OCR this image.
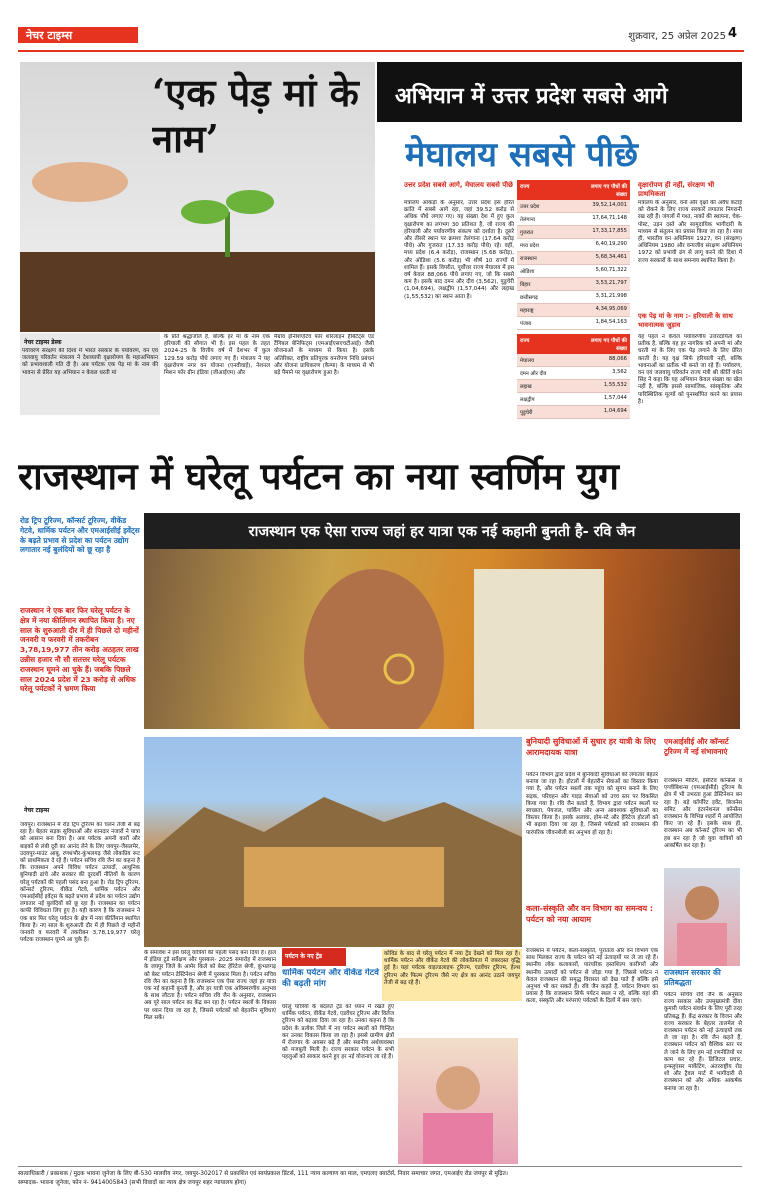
नेचर टाइम्स	शुक्रवार, 25 अप्रेल 2025 4
‘एक पेड़ मां के नाम’
अभियान में उत्तर प्रदेश सबसे आगे
मेघालय सबसे पीछे
नेचर टाइम्स डेस्क
पर्यावरण संरक्षण की दिशा में भारत सरकार के पर्यावरण, वन एवं जलवायु परिवर्तन मंत्रालय ने देशव्यापी वृक्षारोपण के महाअभियान को प्रभावशाली गति दी है। अब पर्यटक एक पेड़ मां के नाम की भावना से प्रेरित यह अभियान न केवल धरती मां
के प्रति श्रद्धांजलि है, बल्कि हर मां के नाम एक हरियाली की सौगात भी है। इस पहल के तहत 2024-25 के वित्तीय वर्ष में देशभर में कुल 129.59 करोड़ पौधे लगाए गए हैं। मंत्रालय ने यह वृक्षारोपण नगर वन योजना (एनवीवाई), नेशनल मिशन फॉर ग्रीन इंडिया (जीआईएम) और
मैंग्रोव इनिशिएटिव फॉर शोरलाइन हैबिटैट्स एंड टैंगिबल बेनिफिट्स (एमआईएसएचटीआई) जैसी योजनाओं के माध्यम से किया है। इसके अतिरिक्त, राष्ट्रीय प्रतिपूरक वनरोपण निधि प्रबंधन और योजना प्राधिकरण (कैम्पा) के माध्यम से भी बड़े पैमाने पर वृक्षारोपण हुआ है।
उत्तर प्रदेश सबसे आगे, मेघालय सबसे पीछे
मंत्रालय आंकड़ों के अनुसार, उत्तर प्रदेश इस हरित क्रांति में सबसे आगे रहा, जहां 39.52 करोड़ से अधिक पौधे लगाए गए। यह संख्या देश में हुए कुल वृक्षारोपण का लगभग 30 प्रतिशत है, जो राज्य की हरियाली और पर्यावरणीय संकल्प को दर्शाता है। दूसरे और तीसरे स्थान पर क्रमशः तेलंगाना (17.64 करोड़ पौधे) और गुजरात (17.33 करोड़ पौधे) रहे। वहीं, मध्य प्रदेश (6.4 करोड़), राजस्थान (5.68 करोड़), और ओडिशा (5.6 करोड़) भी शीर्ष 10 राज्यों में शामिल हैं। इसके विपरीत, पूर्वोत्तर राज्य मेघालय में इस वर्ष केवल 88,066 पौधे लगाए गए, जो कि सबसे कम है। इसके बाद दमन और दीव (3,562), पुडुचेरी (1,04,694), लक्षद्वीप (1,57,044) और लद्दाख (1,55,532) का स्थान आता है।
राज्य	लगाए गए पौधों की संख्या
उत्तर प्रदेश	39,52,14,001
तेलंगाना	17,64,71,148
गुजरात	17,33,17,855
मध्य प्रदेश	6,40,19,290
राजस्थान	5,68,34,461
ओडिशा	5,60,71,322
बिहार	3,53,21,797
छत्तीसगढ़	3,31,21,998
महाराष्ट्र	4,34,95,069
पंजाब	1,84,54,163
राज्य	लगाए गए पौधों की संख्या
मेघालय	88,066
दमन और दीव	3,562
लद्दाख	1,55,532
लक्षद्वीप	1,57,044
पुडुचेरी	1,04,694
वृक्षारोपण ही नहीं, संरक्षण भी प्राथमिकता
मंत्रालय के अनुसार, वनों और वृक्षों की अवैध कटाई को रोकने के लिए राज्य सरकारें लगातार निगरानी रख रही हैं। जंगलों में गश्त, नाकों की स्थापना, चेक-पोस्ट, उड़न दस्ते और सामुदायिक भागीदारी के माध्यम से संतुलन का प्रयास किया जा रहा है। साथ ही, भारतीय वन अधिनियम 1927, वन (संरक्षण) अधिनियम 1980 और वन्यजीव संरक्षण अधिनियम 1972 को प्रभावी ढंग से लागू करने की दिशा में राज्य सरकारों के साथ समन्वय स्थापित किया है।
एक पेड़ मां के नाम :- हरियाली के साथ भावनात्मक जुड़ाव
यह पहल न केवल पर्यावरणीय उत्तरदायित्व का प्रतीक है, बल्कि यह हर नागरिक को अपनी मां और धरती मां के लिए एक पेड़ लगाने के लिए प्रेरित करती है। यह वृक्ष सिर्फ हरियाली नहीं, बल्कि भावनाओं का प्रतीक भी बनते जा रहे हैं। पर्यावरण, वन एवं जलवायु परिवर्तन राज्य मंत्री श्री कीर्ति वर्धन सिंह ने कहा कि यह अभियान केवल संख्या का खेल नहीं है, बल्कि इससे सामाजिक, सांस्कृतिक और पारिस्थितिक मूल्यों को पुनर्स्थापित करने का प्रयास है।
राजस्थान में घरेलू पर्यटन का नया स्वर्णिम युग
राजस्थान एक ऐसा राज्य जहां हर यात्रा एक नई कहानी बुनती है- रवि जैन
रोड ट्रिप टूरिज्म, कॉन्सर्ट टूरिज्म, वीकेंड गेटवे, धार्मिक पर्यटन और एमआईसीई इवेंट्स के बढ़ते प्रभाव से प्रदेश का पर्यटन उद्योग लगातार नई बुलंदियों को छू रहा है
राजस्थान ने एक बार फिर घरेलू पर्यटन के क्षेत्र में नया कीर्तिमान स्थापित किया है। नए साल के शुरुआती दौर में ही पिछले दो महीनों जनवरी व फरवरी में तकरीबन 3,78,19,977 तीन करोड़ अठहतर लाख उन्नीस हजार नौ सौ सतत्तर घरेलू पर्यटक राजस्थान घूमने आ चुके हैं। जबकि पिछले साल 2024 प्रदेश में 23 करोड़ से अधिक घरेलू पर्यटकों ने भ्रमण किया
नेचर टाइम्स
जयपुर। राजस्थान में रोड ट्रिप टूरिज्म का चलन तेजी से बढ़ रहा है। बेहतर सड़क सुविधाओं और शानदार नजारों ने यात्रा को आसान बना दिया है। अब पर्यटक अपनी कारों और बाइकों से लंबी दूरी का आनंद लेने के लिए जयपुर-जैसलमेर, उदयपुर-माउंट आबू, रणथंभौर-कुंभलगढ़ जैसे लोकप्रिय रूट को प्राथमिकता दे रहे हैं। पर्यटन सचिव रवि जैन का कहना है कि राजस्थान अपने विविध पर्यटन उत्पादों, आधुनिक बुनियादी ढांचे और सरकार की दूरदर्शी नीतियों के कारण घरेलू पर्यटकों की पहली पसंद बना हुआ है। रोड ट्रिप टूरिज्म, कॉन्सर्ट टूरिज्म, वीकेंड गेटवे, धार्मिक पर्यटन और एमआईसीई इवेंट्स के बढ़ते प्रभाव से प्रदेश का पर्यटन उद्योग लगातार नई बुलंदियों को छू रहा है। राजस्थान का पर्यटन काफी विविधता लिए हुए है। यही कारण है कि राजस्थान ने एक बार फिर घरेलू पर्यटन के क्षेत्र में नया कीर्तिमान स्थापित किया है। नए साल के शुरुआती दौर में ही पिछले दो महीनों जनवरी व फरवरी में तकरीबन 3,78,19,977 घरेलू पर्यटक राजस्थान घूमने आ चुके हैं।
के समावेश ने इसे घरेलू यात्रियों की पहली पसंद बना दिया है। हाल में इंडिया टुडे सर्वेक्षण और पुरस्कार- 2025 समारोह में राजस्थान के जयपुर जिले के आमेर किले को बेस्ट हेरिटेज श्रेणी, कुंभलगढ़ को बेस्ट पर्यटन डेस्टिनेशन श्रेणी में पुरस्कार मिला है। पर्यटन सचिव रवि जैन का कहना है कि राजस्थान एक ऐसा राज्य जहां हर यात्रा एक नई कहानी बुनती है, और हर यात्री एक अविस्मरणीय अनुभव के साथ लौटता है। पर्यटन सचिव रवि जैन के अनुसार, राजस्थान अब पूरे साल पर्यटन का केंद्र बन रहा है। पर्यटन स्थलों के विकास पर ध्यान दिया जा रहा है, जिससे पर्यटकों को बेहतरीन सुविधाएं मिल सकें।
पर्यटन के नए ट्रेंड
धार्मिक पर्यटन और वीकेंड गेटवे की बढ़ती मांग
कोविड के बाद से घरेलू पर्यटन में नया ट्रेंड देखने को मिल रहा है। धार्मिक पर्यटन और वीकेंड गेटवे की लोकप्रियता में जबरदस्त वृद्धि हुई है। यहां पर्यटक वाइल्डलाइफ टूरिज्म, एडवेंचर टूरिज्म, हेल्थ टूरिज्म और फिल्म टूरिज्म जैसे नए क्षेत्र का आनंद उठाने जयपुर तेजी से बढ़ रहे हैं।
घरेलू यात्रियों के बदलते ट्रेंड को ध्यान में रखते हुए धार्मिक पर्यटन, वीकेंड गेटवे, एडवेंचर टूरिज्म और विलेज टूरिज्म को बढ़ावा दिया जा रहा है। उनका कहना है कि प्रदेश के प्रत्येक जिले में नए पर्यटन स्थलों को चिन्हित कर उनका विकास किया जा रहा है। इससे ग्रामीण क्षेत्रों में रोजगार के अवसर बढ़े हैं और स्थानीय अर्थव्यवस्था को मजबूती मिली है। राज्य सरकार पर्यटन के सभी पहलुओं को साकार करने हुए हर नई योजनाएं ला रहे हैं।
बुनियादी सुविधाओं में सुधार हर यात्री के लिए आरामदायक यात्रा
पर्यटन विभाग द्वारा प्रदेश में बुनियादी सुविधाओं को लगातार बेहतर बनाया जा रहा है। होटलों में बेहतरीन सेवाओं का विस्तार किया गया है, और पर्यटन स्थलों तक पहुंच को सुगम बनाने के लिए सड़क, परिवहन और गाइड सेवाओं को उच्च स्तर पर विकसित किया गया है। रवि जैन बताते हैं, विभाग द्वारा पर्यटन स्थलों पर स्वच्छता, पेयजल, पार्किंग और अन्य आवश्यक सुविधाओं का विस्तार किया है। इसके अलावा, होम-स्टे और हेरिटेज होटलों को भी बढ़ावा दिया जा रहा है, जिससे पर्यटकों को राजस्थान की पारंपरिक जीवनशैली का अनुभव हो रहा है।
कला-संस्कृति और वन विभाग का समन्वय : पर्यटन को नया आयाम
राजस्थान में पर्यटन, कला-संस्कृति, पुरातत्व और वन विभाग एक साथ मिलकर राज्य के पर्यटन को नई ऊंचाइयों पर ले जा रहे हैं। स्थानीय लोक कलाकारों, पारंपरिक हस्तशिल्प कारीगरों और स्थानीय उत्पादों को पर्यटन से जोड़ा गया है, जिससे पर्यटन न केवल राजस्थान की समृद्ध विरासत को देख पाते हैं बल्कि इसे अनुभव भी कर सकते हैं। रवि जैन कहते हैं, पर्यटन विभाग का प्रयास है कि राजस्थान सिर्फ पर्यटन स्थल न रहे, बल्कि यहां की कला, संस्कृति और परंपराएं पर्यटकों के दिलों में बस जाएं।
एमआईसीई और कॉन्सर्ट टूरिज्म में नई संभावनाएं
राजस्थान मीटिंग, इंसेंटिव कॉन्फ्रेंस व एग्जीबिशन्स (एमआईसीई) टूरिज्म के क्षेत्र में भी उभरता हुआ डेस्टिनेशन बन रहा है। बड़े कॉर्पोरेट इवेंट, बिजनेस समिट और इंटरनेशनल कॉन्फ्रेंस राजस्थान के विभिन्न शहरों में आयोजित किए जा रहे हैं। इसके साथ ही, राजस्थान अब कॉन्सर्ट टूरिज्म का भी हब बन रहा है जो युवा यात्रियों को आकर्षित कर रहा है।
राजस्थान सरकार की प्रतिबद्धता
पर्यटन सचिव रवि जैन के अनुसार राज्य सरकार और उपमुख्यमंत्री दीया कुमारी पर्यटन संवर्धन के लिए पूरी तरह प्रतिबद्ध हैं। केंद्र सरकार के विजन और राज्य सरकार के बेहतर तालमेल से राजस्थान पर्यटन को नई ऊंचाइयों तक ले जा रहा है। रवि जैन कहते हैं, राजस्थान पर्यटन को वैश्विक स्तर पर ले जाने के लिए हम नई रणनीतियों पर काम कर रहे हैं। डिजिटल प्रचार, इन्फ्लुएंसर मार्केटिंग, अंतरराष्ट्रीय रोड शो और ट्रैवल मार्ट में भागीदारी से राजस्थान को और अधिक आकर्षक बनाया जा रहा है।
स्वत्वाधिकारी / प्रकाशक / मुद्रक भावना जुनेजा के लिए बी-530 मालवीय नगर, जयपुर-302017 से प्रकाशित एवं स्वयंप्रकाश प्रिंटर्स, 111 न्याय कल्याण का माल, एमएलए क्वार्टर्स, निवार समाचार जगत, एमआईए रोड जयपुर से मुद्रित।
सम्पादक- भावना जुनेजा, फोन नं- 9414005843 (सभी विवादों का न्याय क्षेत्र जयपुर शहर न्यायालय होगा)
